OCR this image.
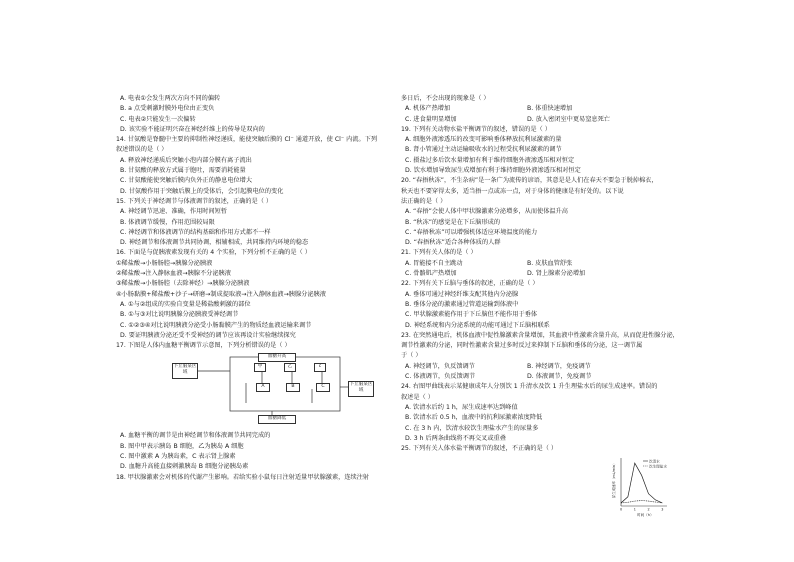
A. 电表①会发生两次方向不同的偏转
B. a 点受刺激时膜外电位由正变负
C. 电表②只能发生一次偏转
D. 该实验不能证明兴奋在神经纤维上的传导是双向的
14. 甘氨酸是脊髓中主要的抑制性神经递质，能使突触后膜的 Cl⁻ 通道开放，使 Cl⁻ 内流。下列
叙述错误的是（ ）
A. 释放神经递质后突触小泡内部分膜有离子流出
B. 甘氨酸的释放方式属于胞吐，需要消耗能量
C. 甘氨酸能使突触后膜内负外正的静息电位增大
D. 甘氨酸作用于突触后膜上的受体后，会引起膜电位的变化
15. 下列关于神经调节与体液调节的叙述，正确的是（ ）
A. 神经调节迅速、准确，作用时间短暂
B. 体液调节缓慢，作用范围较局限
C. 神经调节和体液调节的结构基础和作用方式都不一样
D. 神经调节和体液调节共同协调，相辅相成，共同维持内环境的稳态
16. 下面是与促胰液素发现有关的 4 个实验，下列分析不正确的是（ ）
①稀盐酸→小肠肠腔→胰腺分泌胰液
②稀盐酸→注入静脉血液→胰腺不分泌胰液
③稀盐酸→小肠肠腔（去除神经）→胰腺分泌胰液
④小肠黏膜+稀盐酸+沙子→研磨→制成提取液→注入静脉血液→胰腺分泌胰液
A. ①与②组成的实验自变量是稀盐酸刺激的部位
B. ①与③对比说明胰腺分泌胰液受神经调节
C. ①②③④对比说明胰液分泌受小肠黏膜产生的物质经血液运输来调节
D. 要证明胰液分泌还受不受神经的调节应该再设计实验继续探究
17. 下图是人体内血糖平衡调节示意图，下列分析错误的是（ ）
下丘脑某区域
血糖升高
甲	乙	c
A	B	C	下丘脑某区域
血糖降低
A. 血糖平衡的调节是由神经调节和体液调节共同完成的
B. 图中甲表示胰岛 B 细胞，乙为胰岛 A 细胞
C. 图中激素 A 为胰岛素，C 表示肾上腺素
D. 血糖升高能直接刺激胰岛 B 细胞分泌胰岛素
18. 甲状腺激素会对机体的代谢产生影响。若给实验小鼠每日注射适量甲状腺激素，连续注射
多日后，不会出现的现象是（ ）
A. 机体产热增加	B. 体重快速增加
C. 进食量明显增加	D. 放入密闭室中更易窒息死亡
19. 下列有关动物水盐平衡调节的叙述，错误的是（ ）
A. 细胞外液渗透压的改变可影响垂体释放抗利尿激素的量
B. 肾小管通过主动运输吸收水的过程受抗利尿激素的调节
C. 摄盐过多后饮水量增加有利于维持细胞外液渗透压相对恒定
D. 饮水增加导致尿生成增加有利于维持细胞外液渗透压相对恒定
20. “春捂秋冻”，不生杂病”是一条广为流传的谚语，其意是是人们在春天不要急于脱掉棉衣，
秋天也不要穿得太多，适当捂一点或冻一点，对于身体的健康是有好处的。以下说
法正确的是（ ）
A. “春捂”会使人体中甲状腺激素分泌增多，从而使体温升高
B. “秋冻”的感觉是在下丘脑形成的
C. “春捂秋冻”可以增强机体适应环境温度的能力
D. “春捂秋冻”适合各种体质的人群
21. 下列有关人体的是（ ）
A. 胃能接不自主跳动	B. 皮肤血管舒张
C. 骨骼肌产热增加	D. 肾上腺素分泌增加
22. 下列有关下丘脑与垂体的叙述，正确的是（ ）
A. 垂体可通过神经纤维支配其他内分泌腺
B. 垂体分泌的激素通过管道运输到体液中
C. 甲状腺激素能作用于下丘脑但不能作用于垂体
D. 神经系统和内分泌系统的功能可通过下丘脑相联系
23. 在突然通电后，机体血液中促性腺激素含量增加，其血液中性激素含量升高，从而促进性腺分泌，
调节性激素的分泌，同时性激素含量过多时反过来抑制下丘脑和垂体的分泌，这一调节属
于（ ）
A. 神经调节，负反馈调节	B. 神经调节，免疫调节
C. 体液调节，负反馈调节	D. 体液调节，免疫调节
24. 右图甲曲线表示某健康成年人分别饮 1 升清水及饮 1 升生理盐水后的尿生成速率。错误的
叙述是（ ）
A. 饮清水后约 1 h，尿生成速率达到峰值
B. 饮清水后 0.5 h，血液中的抗利尿激素浓度降低
C. 在 3 h 内，饮清水较饮生理盐水产生的尿量多
D. 3 h 后两条曲线将不再交叉或重叠
25. 下列有关人体水盐平衡调节的叙述，不正确的是（ ）
0	1	2	3
饮清水
饮生理盐水
尿生成速率（mL/min）
时间（h）
